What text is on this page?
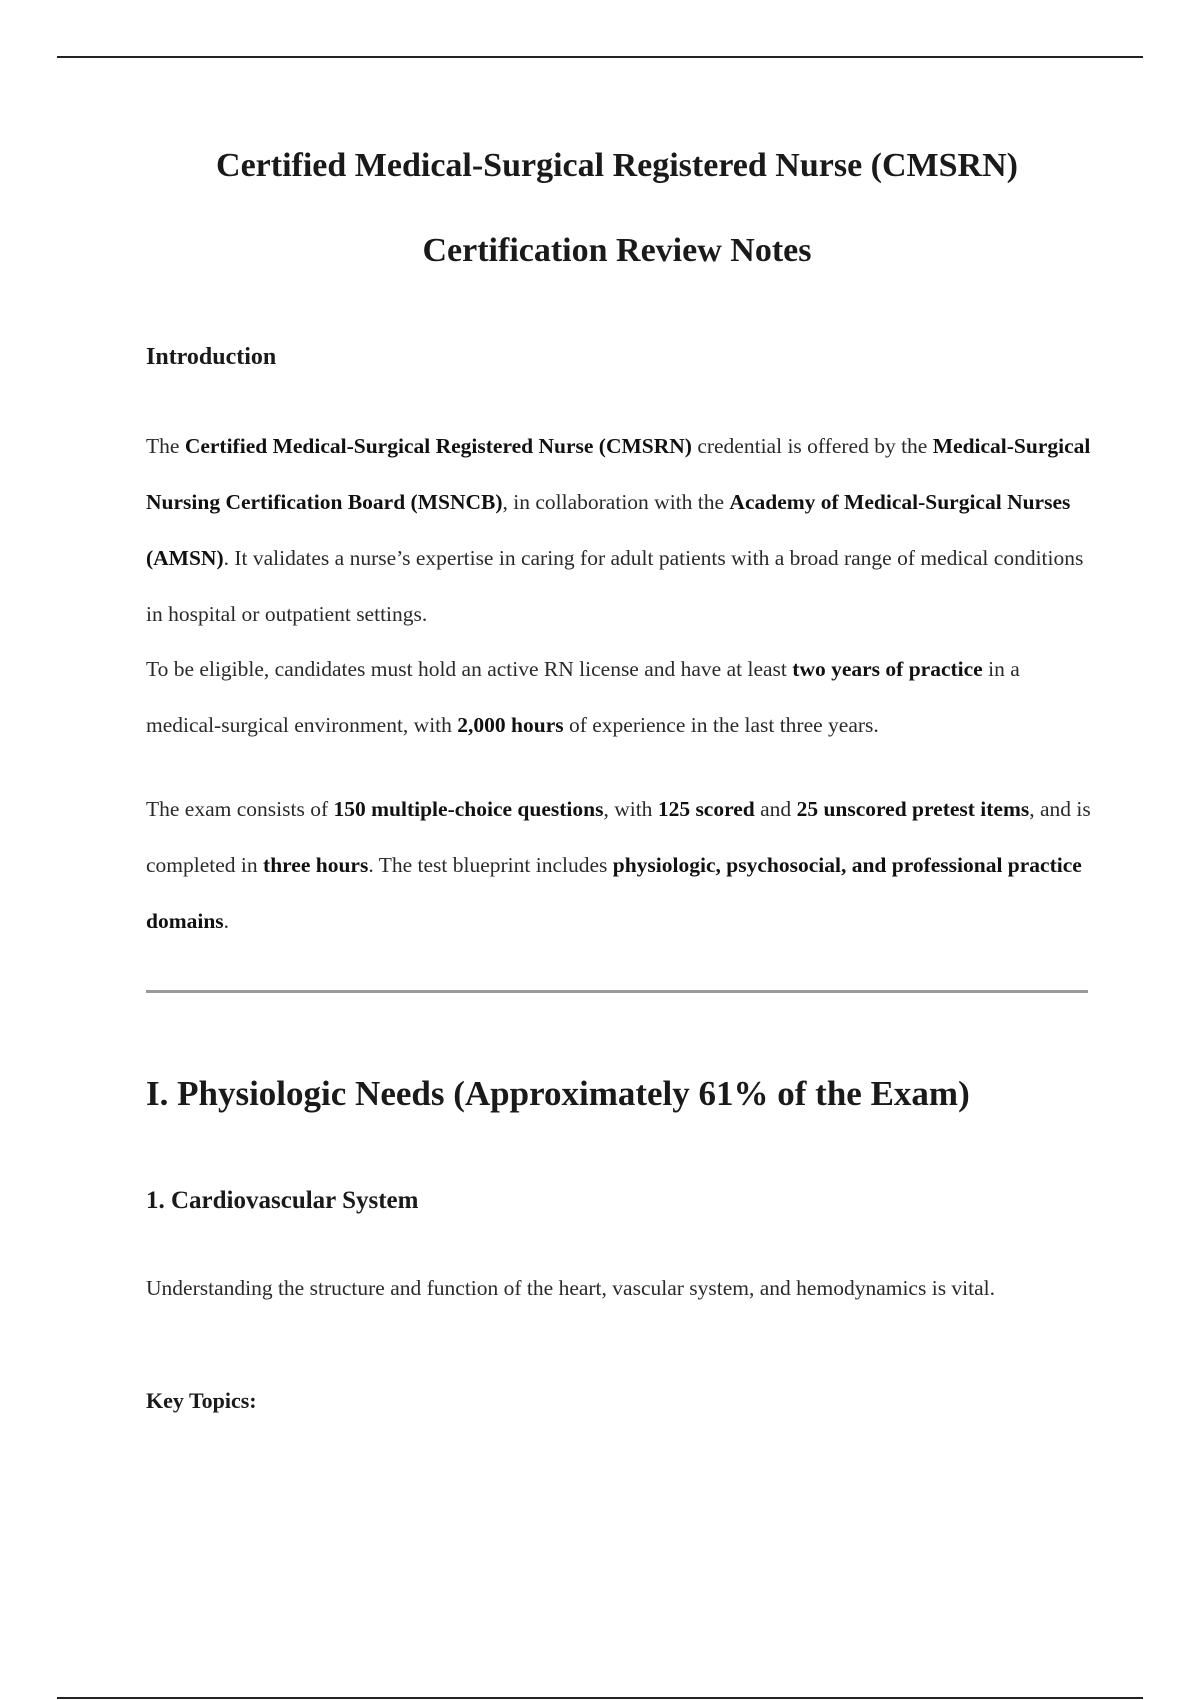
Certified Medical-Surgical Registered Nurse (CMSRN)
Certification Review Notes
Introduction

The Certified Medical-Surgical Registered Nurse (CMSRN) credential is offered by the Medical-Surgical Nursing Certification Board (MSNCB), in collaboration with the Academy of Medical-Surgical Nurses (AMSN). It validates a nurse’s expertise in caring for adult patients with a broad range of medical conditions in hospital or outpatient settings.

To be eligible, candidates must hold an active RN license and have at least two years of practice in a medical-surgical environment, with 2,000 hours of experience in the last three years.

The exam consists of 150 multiple-choice questions, with 125 scored and 25 unscored pretest items, and is completed in three hours. The test blueprint includes physiologic, psychosocial, and professional practice domains.

I. Physiologic Needs (Approximately 61% of the Exam)
1. Cardiovascular System

Understanding the structure and function of the heart, vascular system, and hemodynamics is vital.

Key Topics:
